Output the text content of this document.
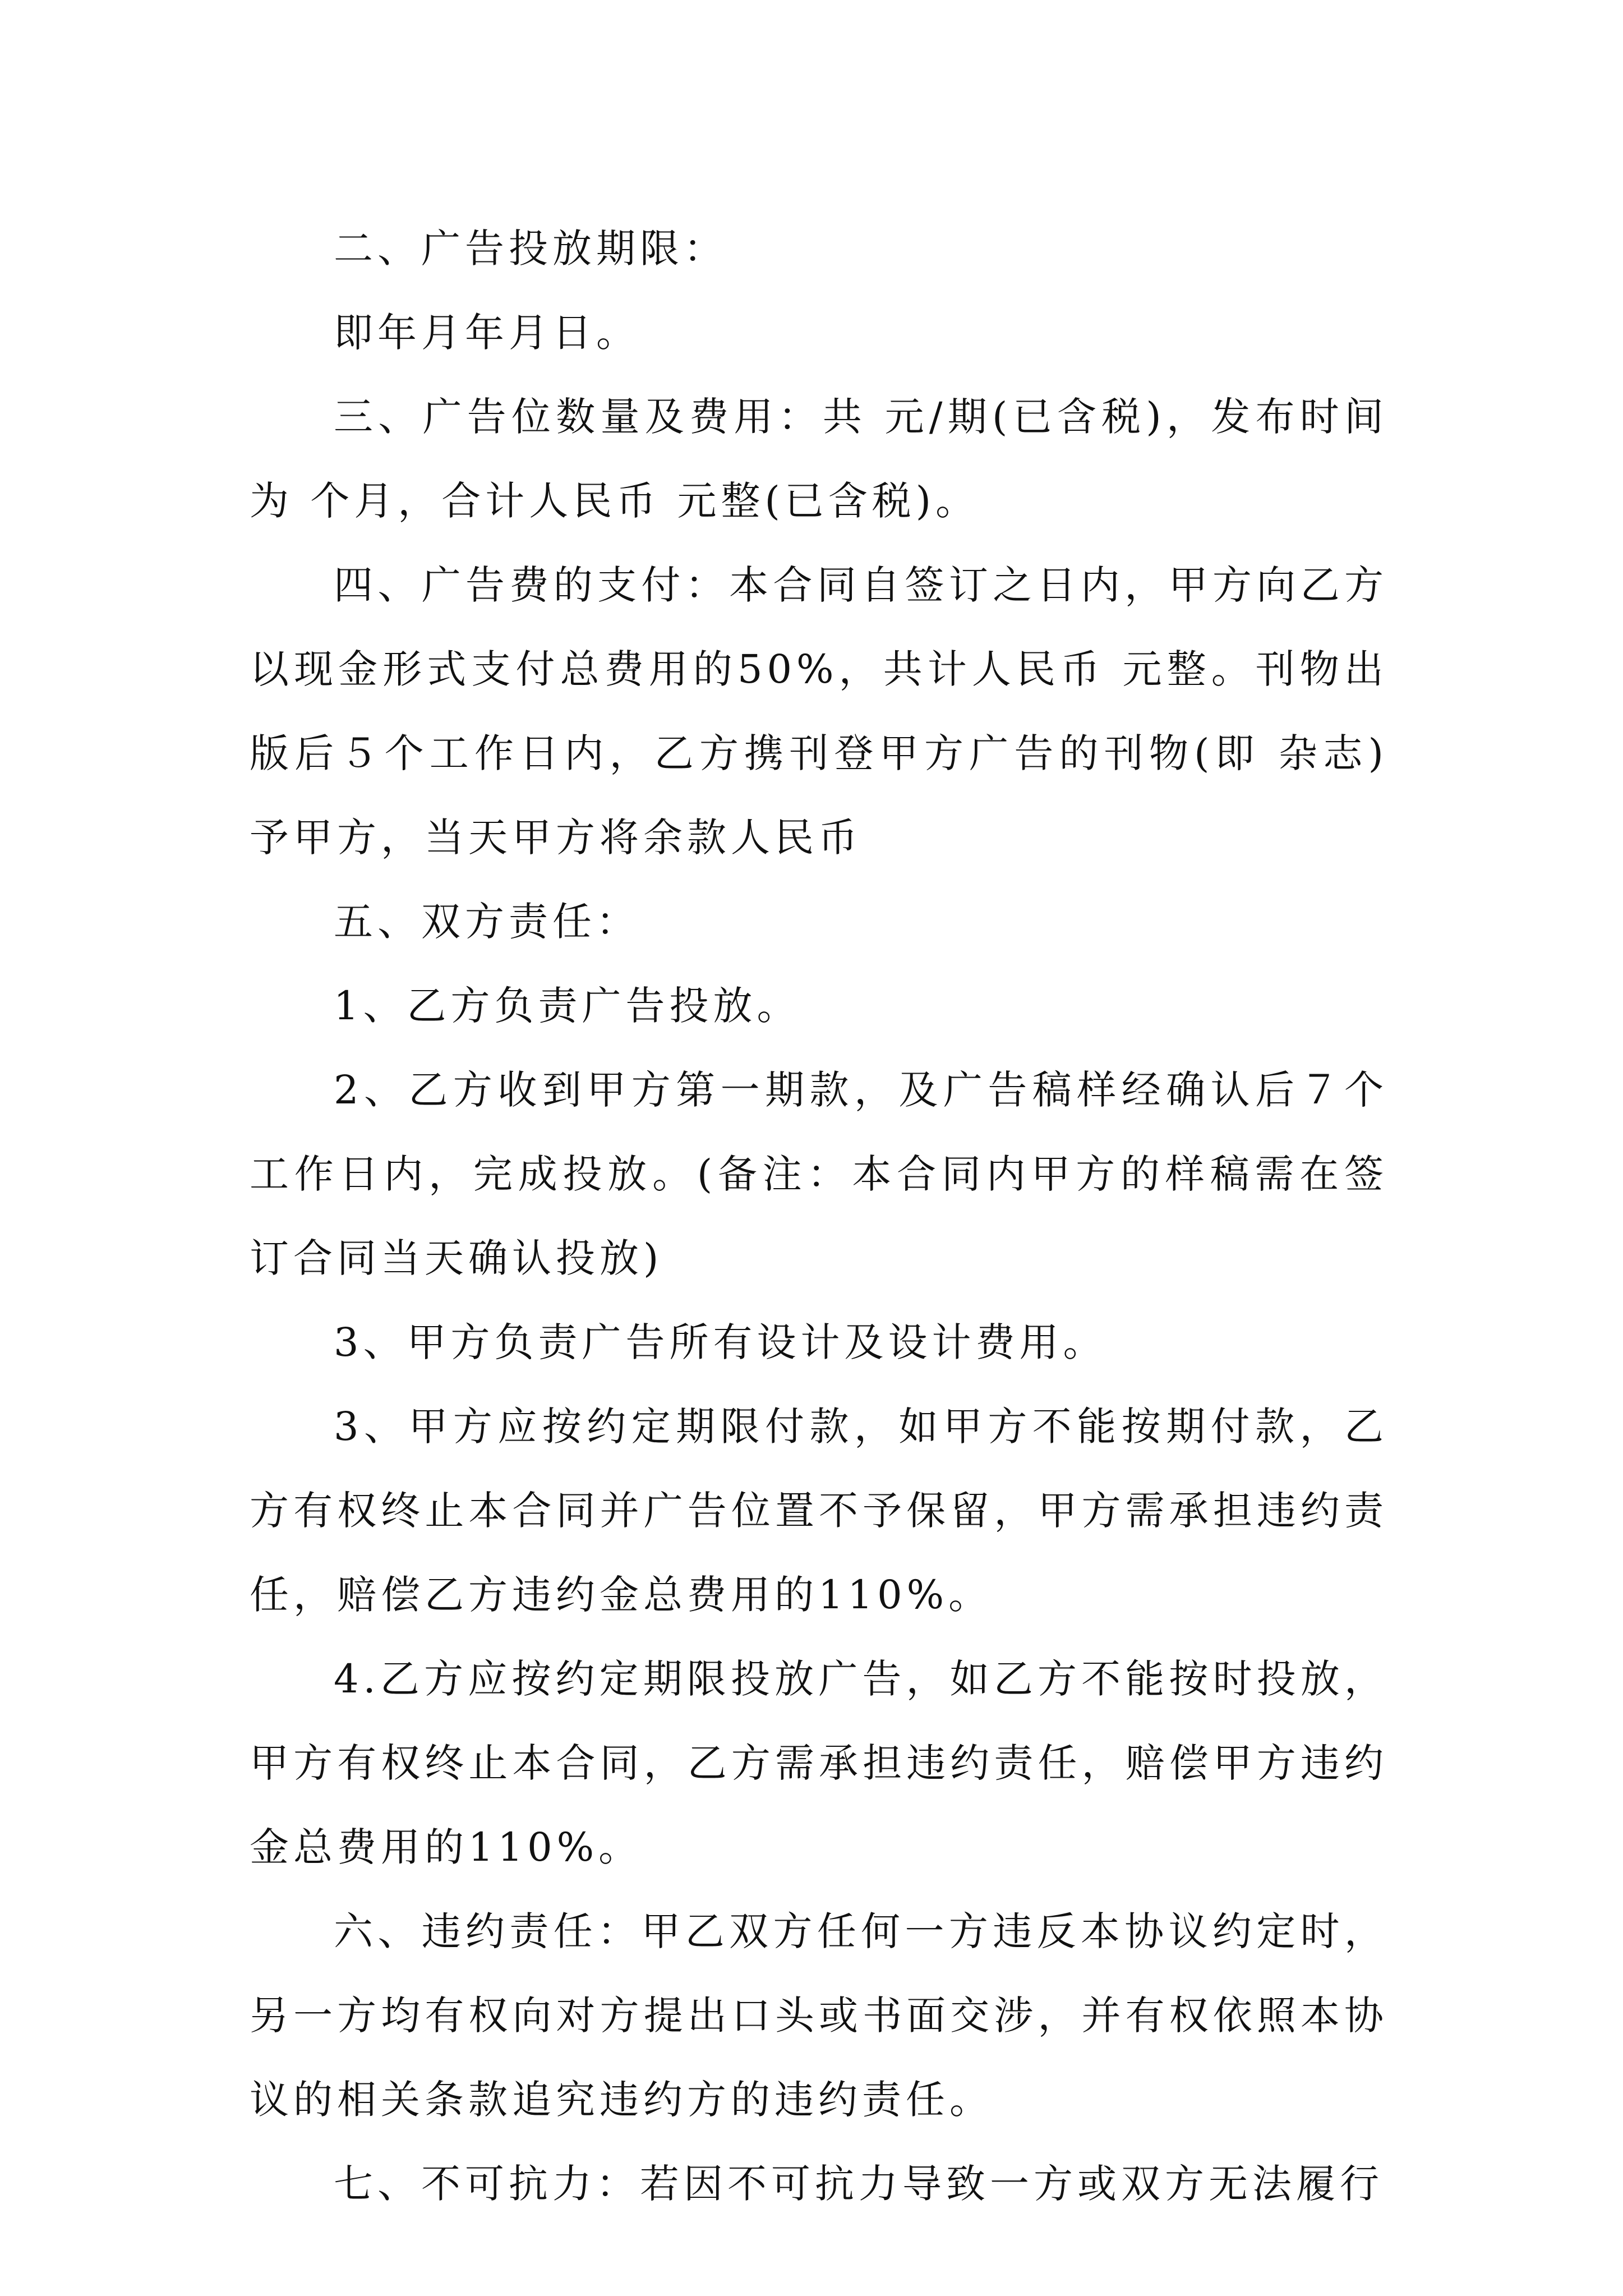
二、广告投放期限：

即年月年月日。

三、广告位数量及费用：共 元/期(已含税)，发布时间为 个月，合计人民币 元整(已含税)。

四、广告费的支付：本合同自签订之日内，甲方向乙方以现金形式支付总费用的50%，共计人民币 元整。刊物出版后５个工作日内，乙方携刊登甲方广告的刊物(即 杂志)予甲方，当天甲方将余款人民币

五、双方责任：

1、乙方负责广告投放。

2、乙方收到甲方第一期款，及广告稿样经确认后７个工作日内，完成投放。(备注：本合同内甲方的样稿需在签订合同当天确认投放)

3、甲方负责广告所有设计及设计费用。

3、甲方应按约定期限付款，如甲方不能按期付款，乙方有权终止本合同并广告位置不予保留，甲方需承担违约责任，赔偿乙方违约金总费用的110%。

4.乙方应按约定期限投放广告，如乙方不能按时投放，甲方有权终止本合同，乙方需承担违约责任，赔偿甲方违约金总费用的110%。

六、违约责任：甲乙双方任何一方违反本协议约定时，另一方均有权向对方提出口头或书面交涉，并有权依照本协议的相关条款追究违约方的违约责任。

七、不可抗力：若因不可抗力导致一方或双方无法履行
